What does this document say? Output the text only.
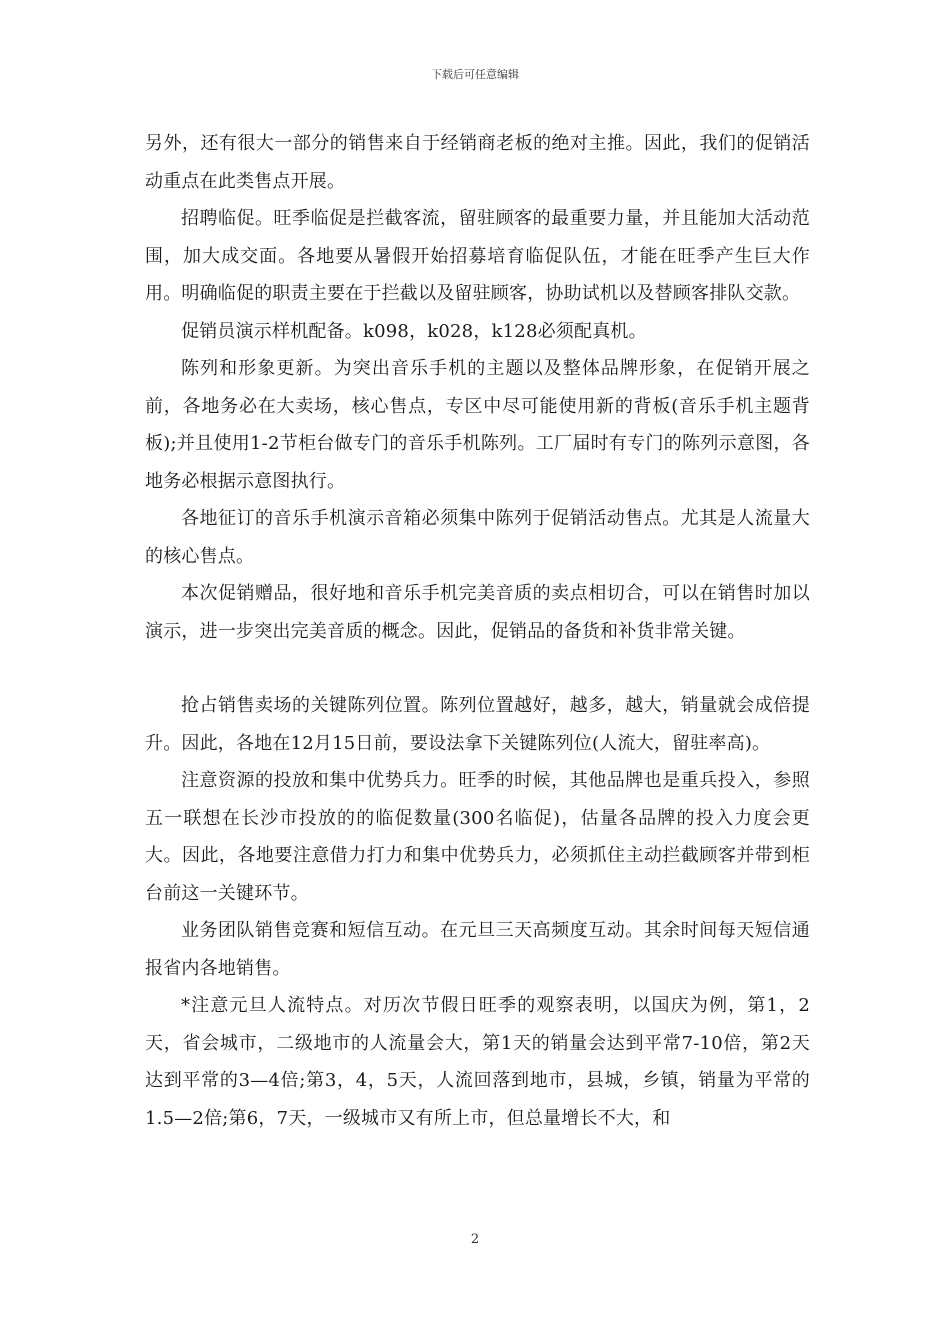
下载后可任意编辑

另外，还有很大一部分的销售来自于经销商老板的绝对主推。因此，我们的促销活动重点在此类售点开展。

招聘临促。旺季临促是拦截客流，留驻顾客的最重要力量，并且能加大活动范围，加大成交面。各地要从暑假开始招募培育临促队伍，才能在旺季产生巨大作用。明确临促的职责主要在于拦截以及留驻顾客，协助试机以及替顾客排队交款。

促销员演示样机配备。k098，k028，k128必须配真机。

陈列和形象更新。为突出音乐手机的主题以及整体品牌形象，在促销开展之前，各地务必在大卖场，核心售点，专区中尽可能使用新的背板(音乐手机主题背板);并且使用1-2节柜台做专门的音乐手机陈列。工厂届时有专门的陈列示意图，各地务必根据示意图执行。

各地征订的音乐手机演示音箱必须集中陈列于促销活动售点。尤其是人流量大的核心售点。

本次促销赠品，很好地和音乐手机完美音质的卖点相切合，可以在销售时加以演示，进一步突出完美音质的概念。因此，促销品的备货和补货非常关键。

抢占销售卖场的关键陈列位置。陈列位置越好，越多，越大，销量就会成倍提升。因此，各地在12月15日前，要设法拿下关键陈列位(人流大，留驻率高)。

注意资源的投放和集中优势兵力。旺季的时候，其他品牌也是重兵投入，参照五一联想在长沙市投放的的临促数量(300名临促)，估量各品牌的投入力度会更大。因此，各地要注意借力打力和集中优势兵力，必须抓住主动拦截顾客并带到柜台前这一关键环节。

业务团队销售竞赛和短信互动。在元旦三天高频度互动。其余时间每天短信通报省内各地销售。

*注意元旦人流特点。对历次节假日旺季的观察表明，以国庆为例，第1，2天，省会城市，二级地市的人流量会大，第1天的销量会达到平常7-10倍，第2天达到平常的3—4倍;第3，4，5天，人流回落到地市，县城，乡镇，销量为平常的1.5—2倍;第6，7天，一级城市又有所上市，但总量增长不大，和

2
